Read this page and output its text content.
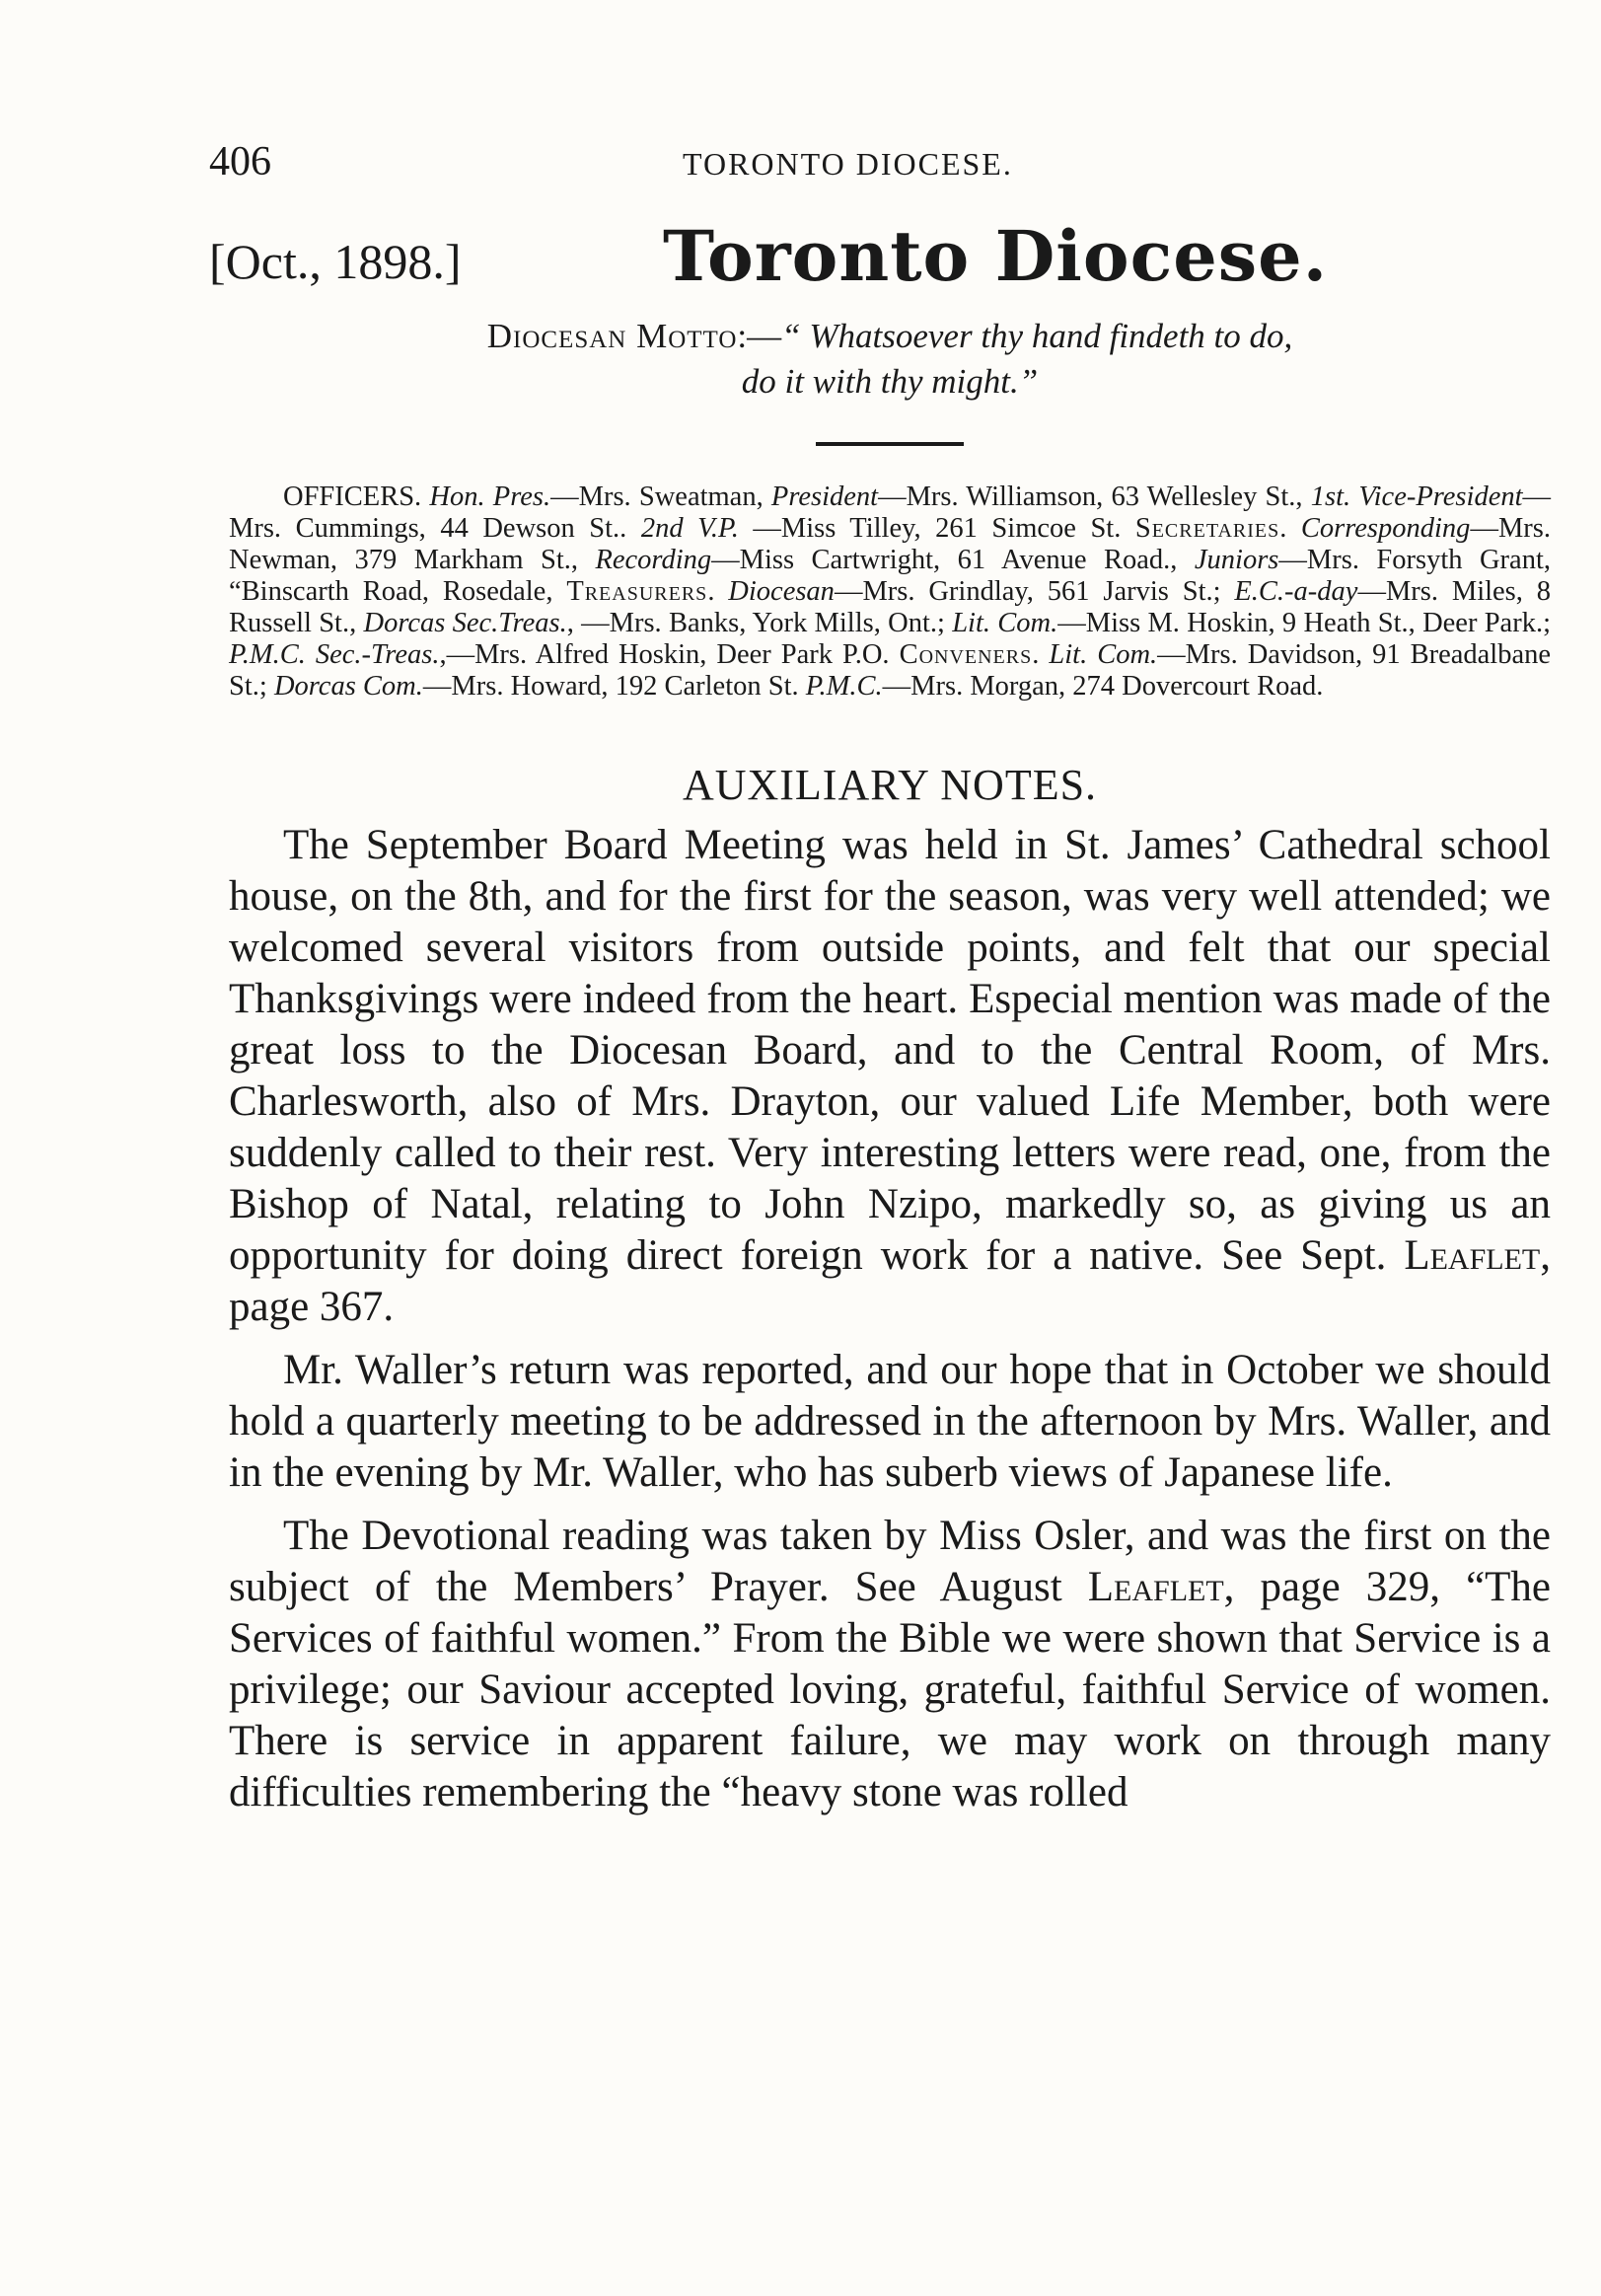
406	TORONTO DIOCESE.
[Oct., 1898.]	Toronto Diocese.
Diocesan Motto:—“ Whatsoever thy hand findeth to do,
do it with thy might.”

OFFICERS. Hon. Pres.—Mrs. Sweatman, President—Mrs. Williamson, 63 Wellesley St., 1st. Vice-President— Mrs. Cummings, 44 Dewson St.. 2nd V.P. —Miss Tilley, 261 Simcoe St. Secretaries. Corresponding—Mrs. Newman, 379 Markham St., Recording—Miss Cartwright, 61 Avenue Road., Juniors—Mrs. Forsyth Grant, “Binscarth Road, Rosedale, Treasurers. Diocesan—Mrs. Grindlay, 561 Jarvis St.; E.C.-a-day—Mrs. Miles, 8 Russell St., Dorcas Sec.Treas., —Mrs. Banks, York Mills, Ont.; Lit. Com.—Miss M. Hoskin, 9 Heath St., Deer Park.; P.M.C. Sec.-Treas.,—Mrs. Alfred Hoskin, Deer Park P.O. Conveners. Lit. Com.—Mrs. Davidson, 91 Breadalbane St.; Dorcas Com.—Mrs. Howard, 192 Carleton St. P.M.C.—Mrs. Morgan, 274 Dovercourt Road.

AUXILIARY NOTES.

The September Board Meeting was held in St. James’ Cathedral school house, on the 8th, and for the first for the season, was very well attended; we welcomed several visitors from outside points, and felt that our special Thanksgivings were indeed from the heart. Especial mention was made of the great loss to the Diocesan Board, and to the Central Room, of Mrs. Charlesworth, also of Mrs. Drayton, our valued Life Member, both were suddenly called to their rest. Very interesting letters were read, one, from the Bishop of Natal, relating to John Nzipo, markedly so, as giving us an opportunity for doing direct foreign work for a native. See Sept. Leaflet, page 367.

Mr. Waller’s return was reported, and our hope that in October we should hold a quarterly meeting to be addressed in the afternoon by Mrs. Waller, and in the evening by Mr. Waller, who has suberb views of Japanese life.

The Devotional reading was taken by Miss Osler, and was the first on the subject of the Members’ Prayer. See August Leaflet, page 329, “The Services of faithful women.” From the Bible we were shown that Service is a privilege; our Saviour accepted loving, grateful, faithful Service of women. There is service in apparent failure, we may work on through many difficulties remembering the “heavy stone was rolled
